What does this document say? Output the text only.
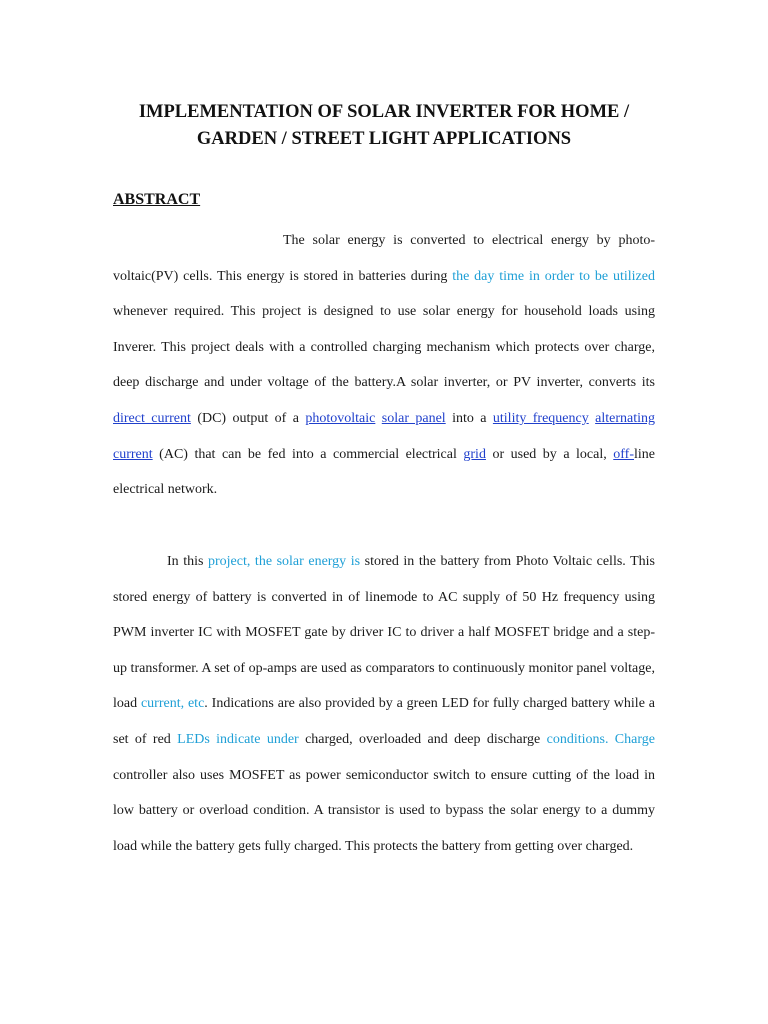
IMPLEMENTATION OF SOLAR INVERTER FOR HOME /
GARDEN / STREET LIGHT APPLICATIONS
ABSTRACT

The solar energy is converted to electrical energy by photo-voltaic(PV) cells. This energy is stored in batteries during the day time in order to be utilized whenever required. This project is designed to use solar energy for household loads using Inverer. This project deals with a controlled charging mechanism which protects over charge, deep discharge and under voltage of the battery.A solar inverter, or PV inverter, converts its direct current (DC) output of a photovoltaic solar panel into a utility frequency alternating current (AC) that can be fed into a commercial electrical grid or used by a local, off-line electrical network.

In this project, the solar energy is stored in the battery from Photo Voltaic cells. This stored energy of battery is converted in of linemode to AC supply of 50 Hz frequency using PWM inverter IC with MOSFET gate by driver IC to driver a half MOSFET bridge and a step-up transformer. A set of op-amps are used as comparators to continuously monitor panel voltage, load current, etc. Indications are also provided by a green LED for fully charged battery while a set of red LEDs indicate under charged, overloaded and deep discharge conditions. Charge controller also uses MOSFET as power semiconductor switch to ensure cutting of the load in low battery or overload condition. A transistor is used to bypass the solar energy to a dummy load while the battery gets fully charged. This protects the battery from getting over charged.
